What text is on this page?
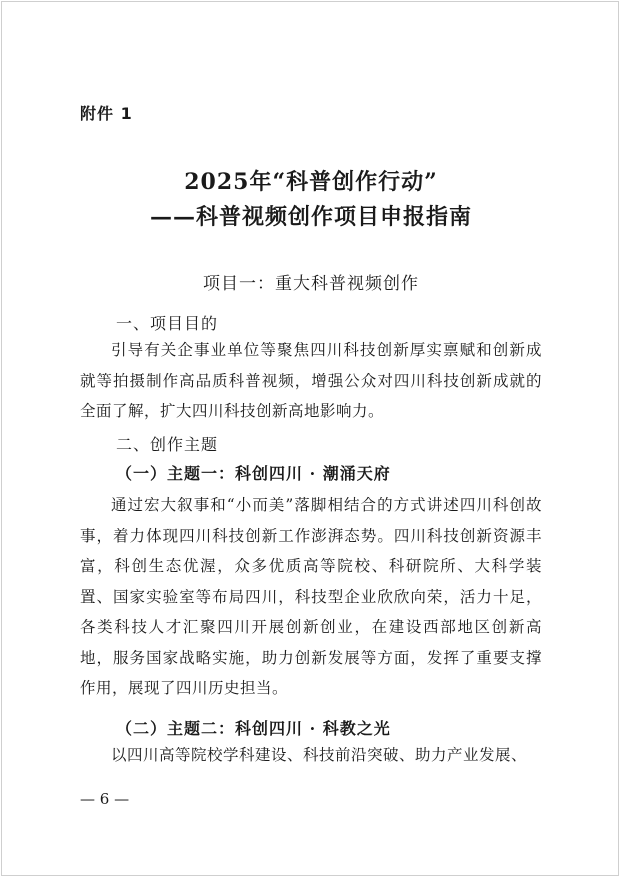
附件 1
2025年“科普创作行动”
——科普视频创作项目申报指南
项目一：重大科普视频创作
一、项目目的

引导有关企事业单位等聚焦四川科技创新厚实禀赋和创新成就等拍摄制作高品质科普视频，增强公众对四川科技创新成就的全面了解，扩大四川科技创新高地影响力。

二、创作主题
（一）主题一：科创四川 · 潮涌天府

通过宏大叙事和“小而美”落脚相结合的方式讲述四川科创故事，着力体现四川科技创新工作澎湃态势。四川科技创新资源丰富，科创生态优渥，众多优质高等院校、科研院所、大科学装置、国家实验室等布局四川，科技型企业欣欣向荣，活力十足，各类科技人才汇聚四川开展创新创业，在建设西部地区创新高地，服务国家战略实施，助力创新发展等方面，发挥了重要支撑作用，展现了四川历史担当。

（二）主题二：科创四川 · 科教之光

以四川高等院校学科建设、科技前沿突破、助力产业发展、

— 6 —
